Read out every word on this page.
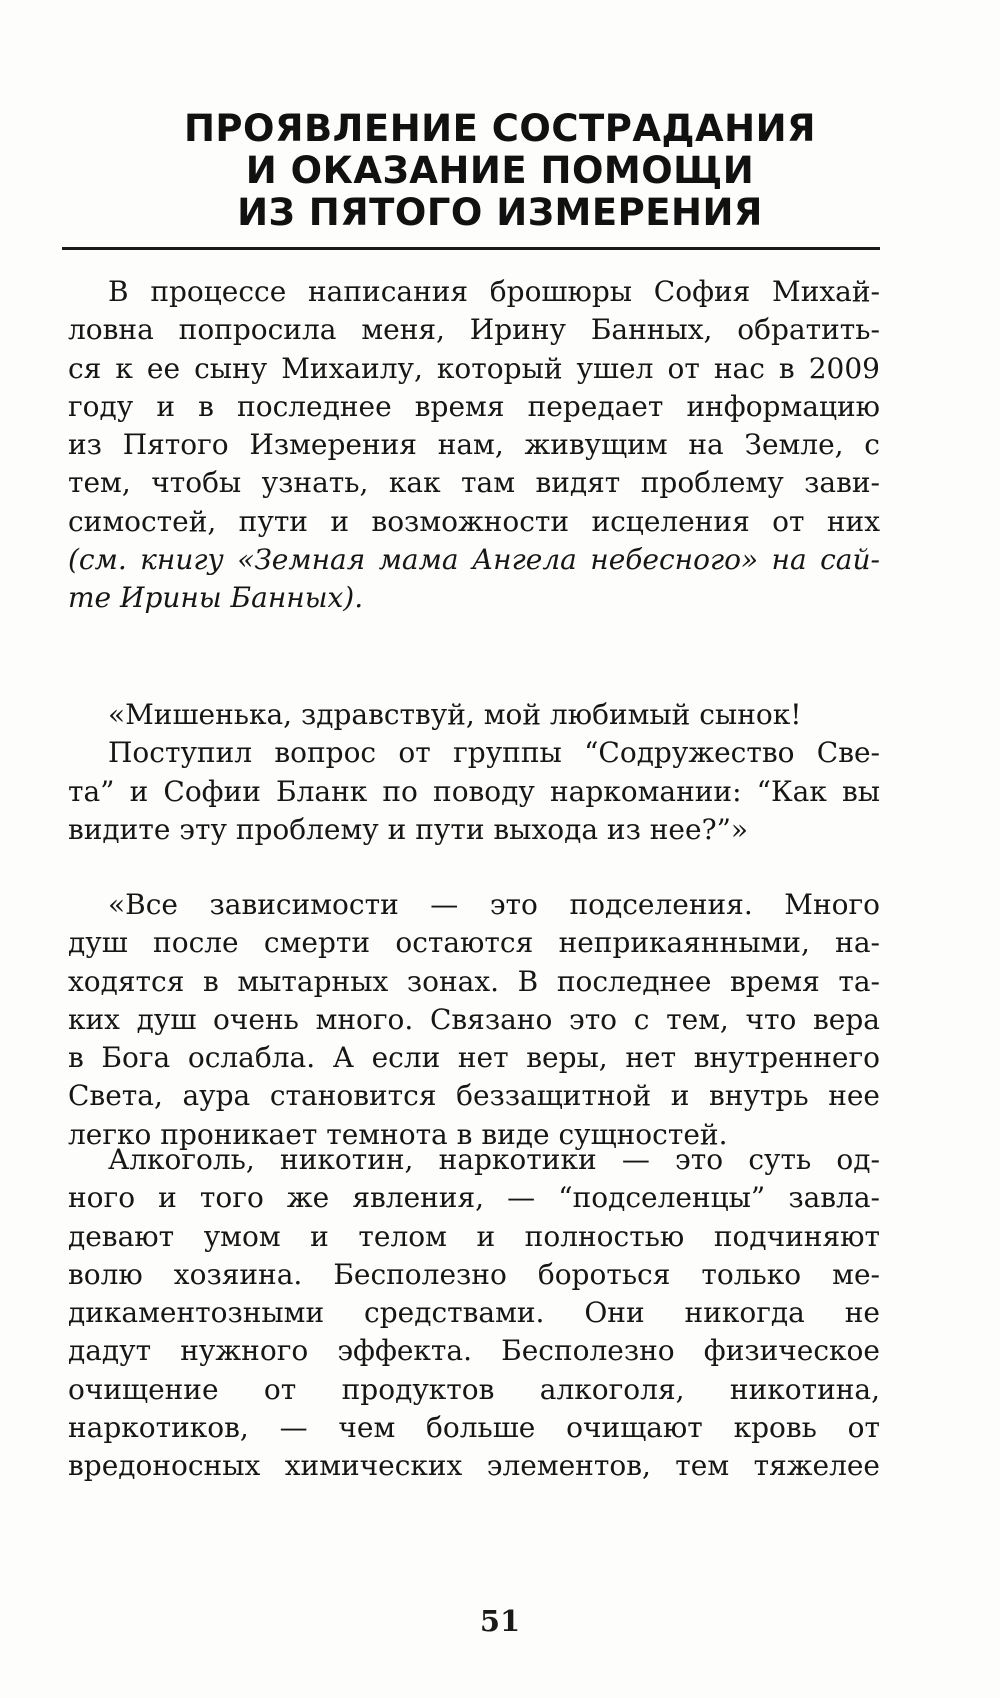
ПРОЯВЛЕНИЕ СОСТРАДАНИЯ
И ОКАЗАНИЕ ПОМОЩИ
ИЗ ПЯТОГО ИЗМЕРЕНИЯ
В процессе написания брошюры София Михай-
ловна попросила меня, Ирину Банных, обратить-
ся к ее сыну Михаилу, который ушел от нас в 2009
году и в последнее время передает информацию
из Пятого Измерения нам, живущим на Земле, с
тем, чтобы узнать, как там видят проблему зави-
симостей, пути и возможности исцеления от них
(см. книгу «Земная мама Ангела небесного» на сай-
те Ирины Банных).
«Мишенька, здравствуй, мой любимый сынок!
Поступил вопрос от группы “Содружество Све-
та” и Софии Бланк по поводу наркомании: “Как вы
видите эту проблему и пути выхода из нее?”»
«Все зависимости — это подселения. Много
душ после смерти остаются неприкаянными, на-
ходятся в мытарных зонах. В последнее время та-
ких душ очень много. Связано это с тем, что вера
в Бога ослабла. А если нет веры, нет внутреннего
Света, аура становится беззащитной и внутрь нее
легко проникает темнота в виде сущностей.
Алкоголь, никотин, наркотики — это суть од-
ного и того же явления, — “подселенцы” завла-
девают умом и телом и полностью подчиняют
волю хозяина. Бесполезно бороться только ме-
дикаментозными средствами. Они никогда не
дадут нужного эффекта. Бесполезно физическое
очищение от продуктов алкоголя, никотина,
наркотиков, — чем больше очищают кровь от
вредоносных химических элементов, тем тяжелее
51
